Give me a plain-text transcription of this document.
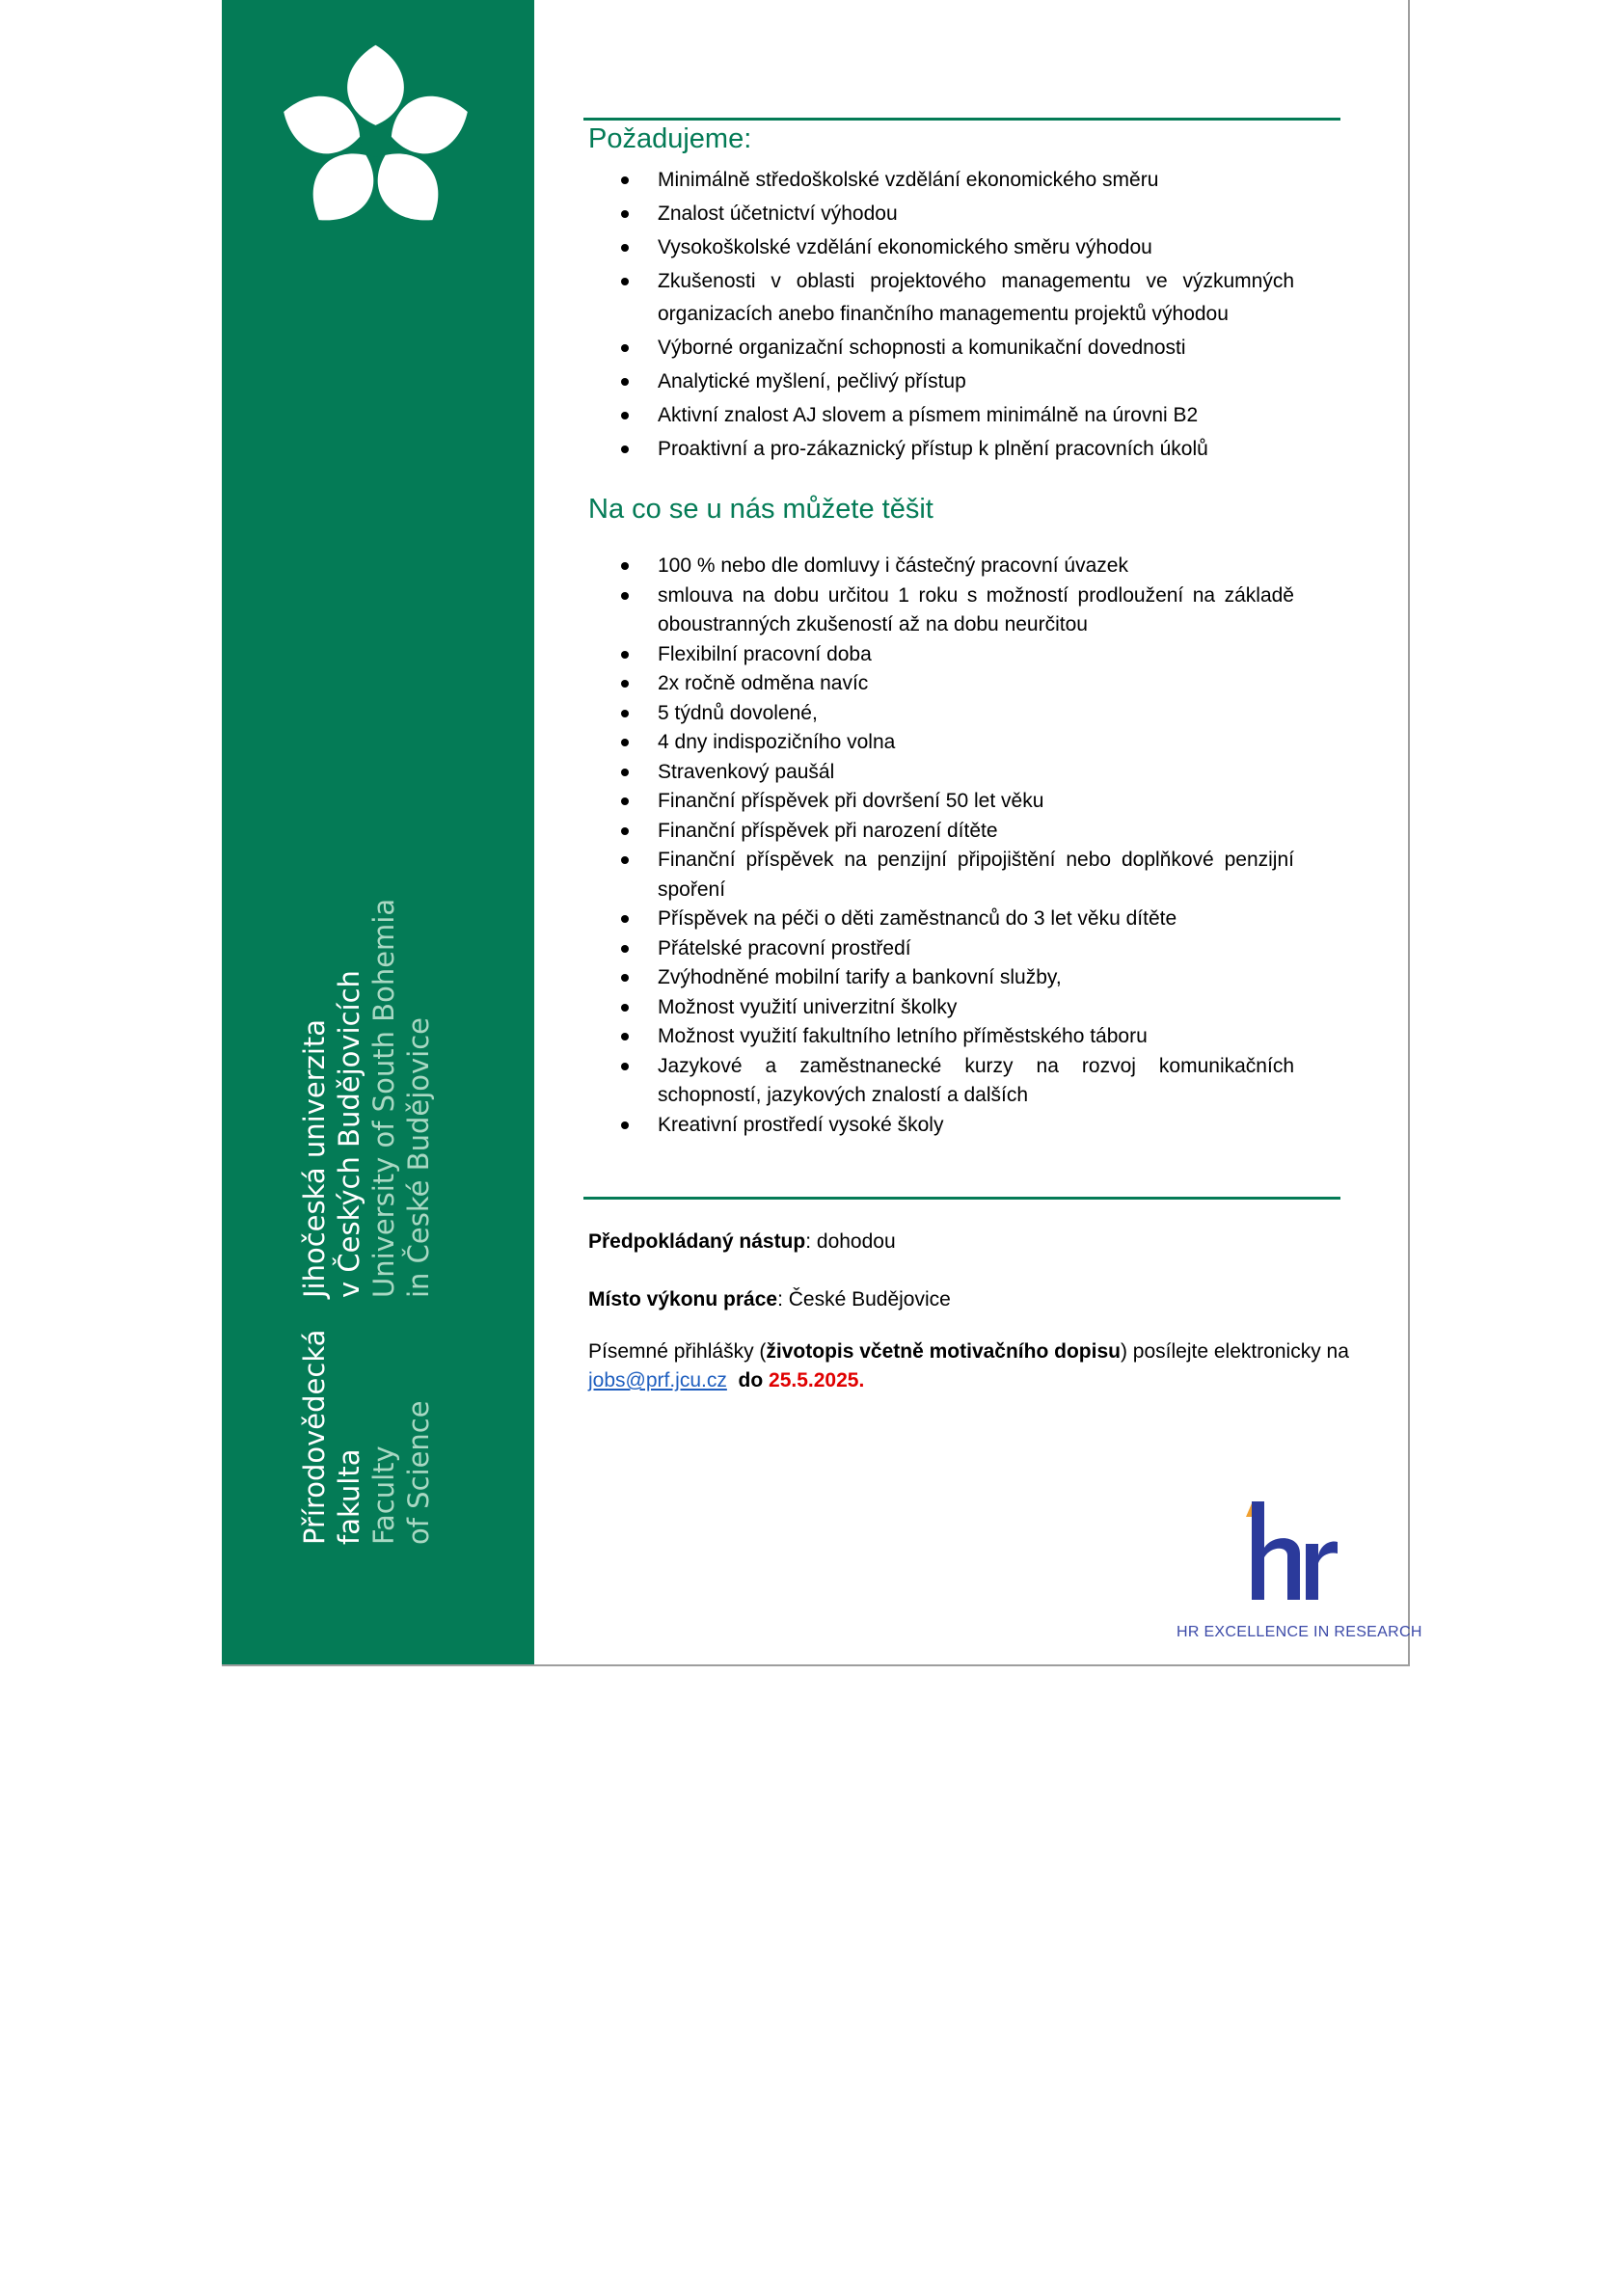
Přírodovědecká fakulta Faculty of Science
Jihočeská univerzita v Českých Budějovicích University of South Bohemia in České Budějovice
Požadujeme:
Minimálně středoškolské vzdělání ekonomického směru
Znalost účetnictví výhodou
Vysokoškolské vzdělání ekonomického směru výhodou
Zkušenosti v oblasti projektového managementu ve výzkumných organizacích anebo finančního managementu projektů výhodou
Výborné organizační schopnosti a komunikační dovednosti
Analytické myšlení, pečlivý přístup
Aktivní znalost AJ slovem a písmem minimálně na úrovni B2
Proaktivní a pro-zákaznický přístup k plnění pracovních úkolů
Na co se u nás můžete těšit
100 % nebo dle domluvy i částečný pracovní úvazek
smlouva na dobu určitou 1 roku s možností prodloužení na základě oboustranných zkušeností až na dobu neurčitou
Flexibilní pracovní doba
2x ročně odměna navíc
5 týdnů dovolené,
4 dny indispozičního volna
Stravenkový paušál
Finanční příspěvek při dovršení 50 let věku
Finanční příspěvek při narození dítěte
Finanční příspěvek na penzijní připojištění nebo doplňkové penzijní spoření
Příspěvek na péči o děti zaměstnanců do 3 let věku dítěte
Přátelské pracovní prostředí
Zvýhodněné mobilní tarify a bankovní služby,
Možnost využití univerzitní školky
Možnost využití fakultního letního příměstského táboru
Jazykové a zaměstnanecké kurzy na rozvoj komunikačních schopností, jazykových znalostí a dalších
Kreativní prostředí vysoké školy
Předpokládaný nástup: dohodou
Místo výkonu práce: České Budějovice
Písemné přihlášky (životopis včetně motivačního dopisu) posílejte elektronicky na jobs@prf.jcu.cz do 25.5.2025.
HR EXCELLENCE IN RESEARCH
